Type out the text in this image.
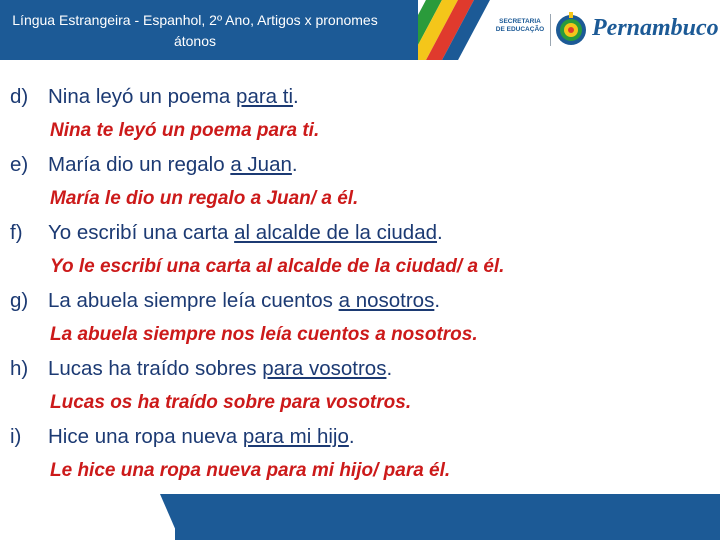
Língua Estrangeira - Espanhol, 2º Ano, Artigos x pronomes átonos
SECRETARIA
DE EDUCAÇÃO Pernambuco
d) Nina leyó un poema para ti.
Nina te leyó un poema para ti.
e) María dio un regalo a Juan.
María le dio un regalo a Juan/ a él.
f) Yo escribí una carta al alcalde de la ciudad.
Yo le escribí una carta al alcalde de la ciudad/ a él.
g) La abuela siempre leía cuentos a nosotros.
La abuela siempre nos leía cuentos a nosotros.
h) Lucas ha traído sobres para vosotros.
Lucas os ha traído sobre para vosotros.
i) Hice una ropa nueva para mi hijo.
Le hice una ropa nueva para mi hijo/ para él.
